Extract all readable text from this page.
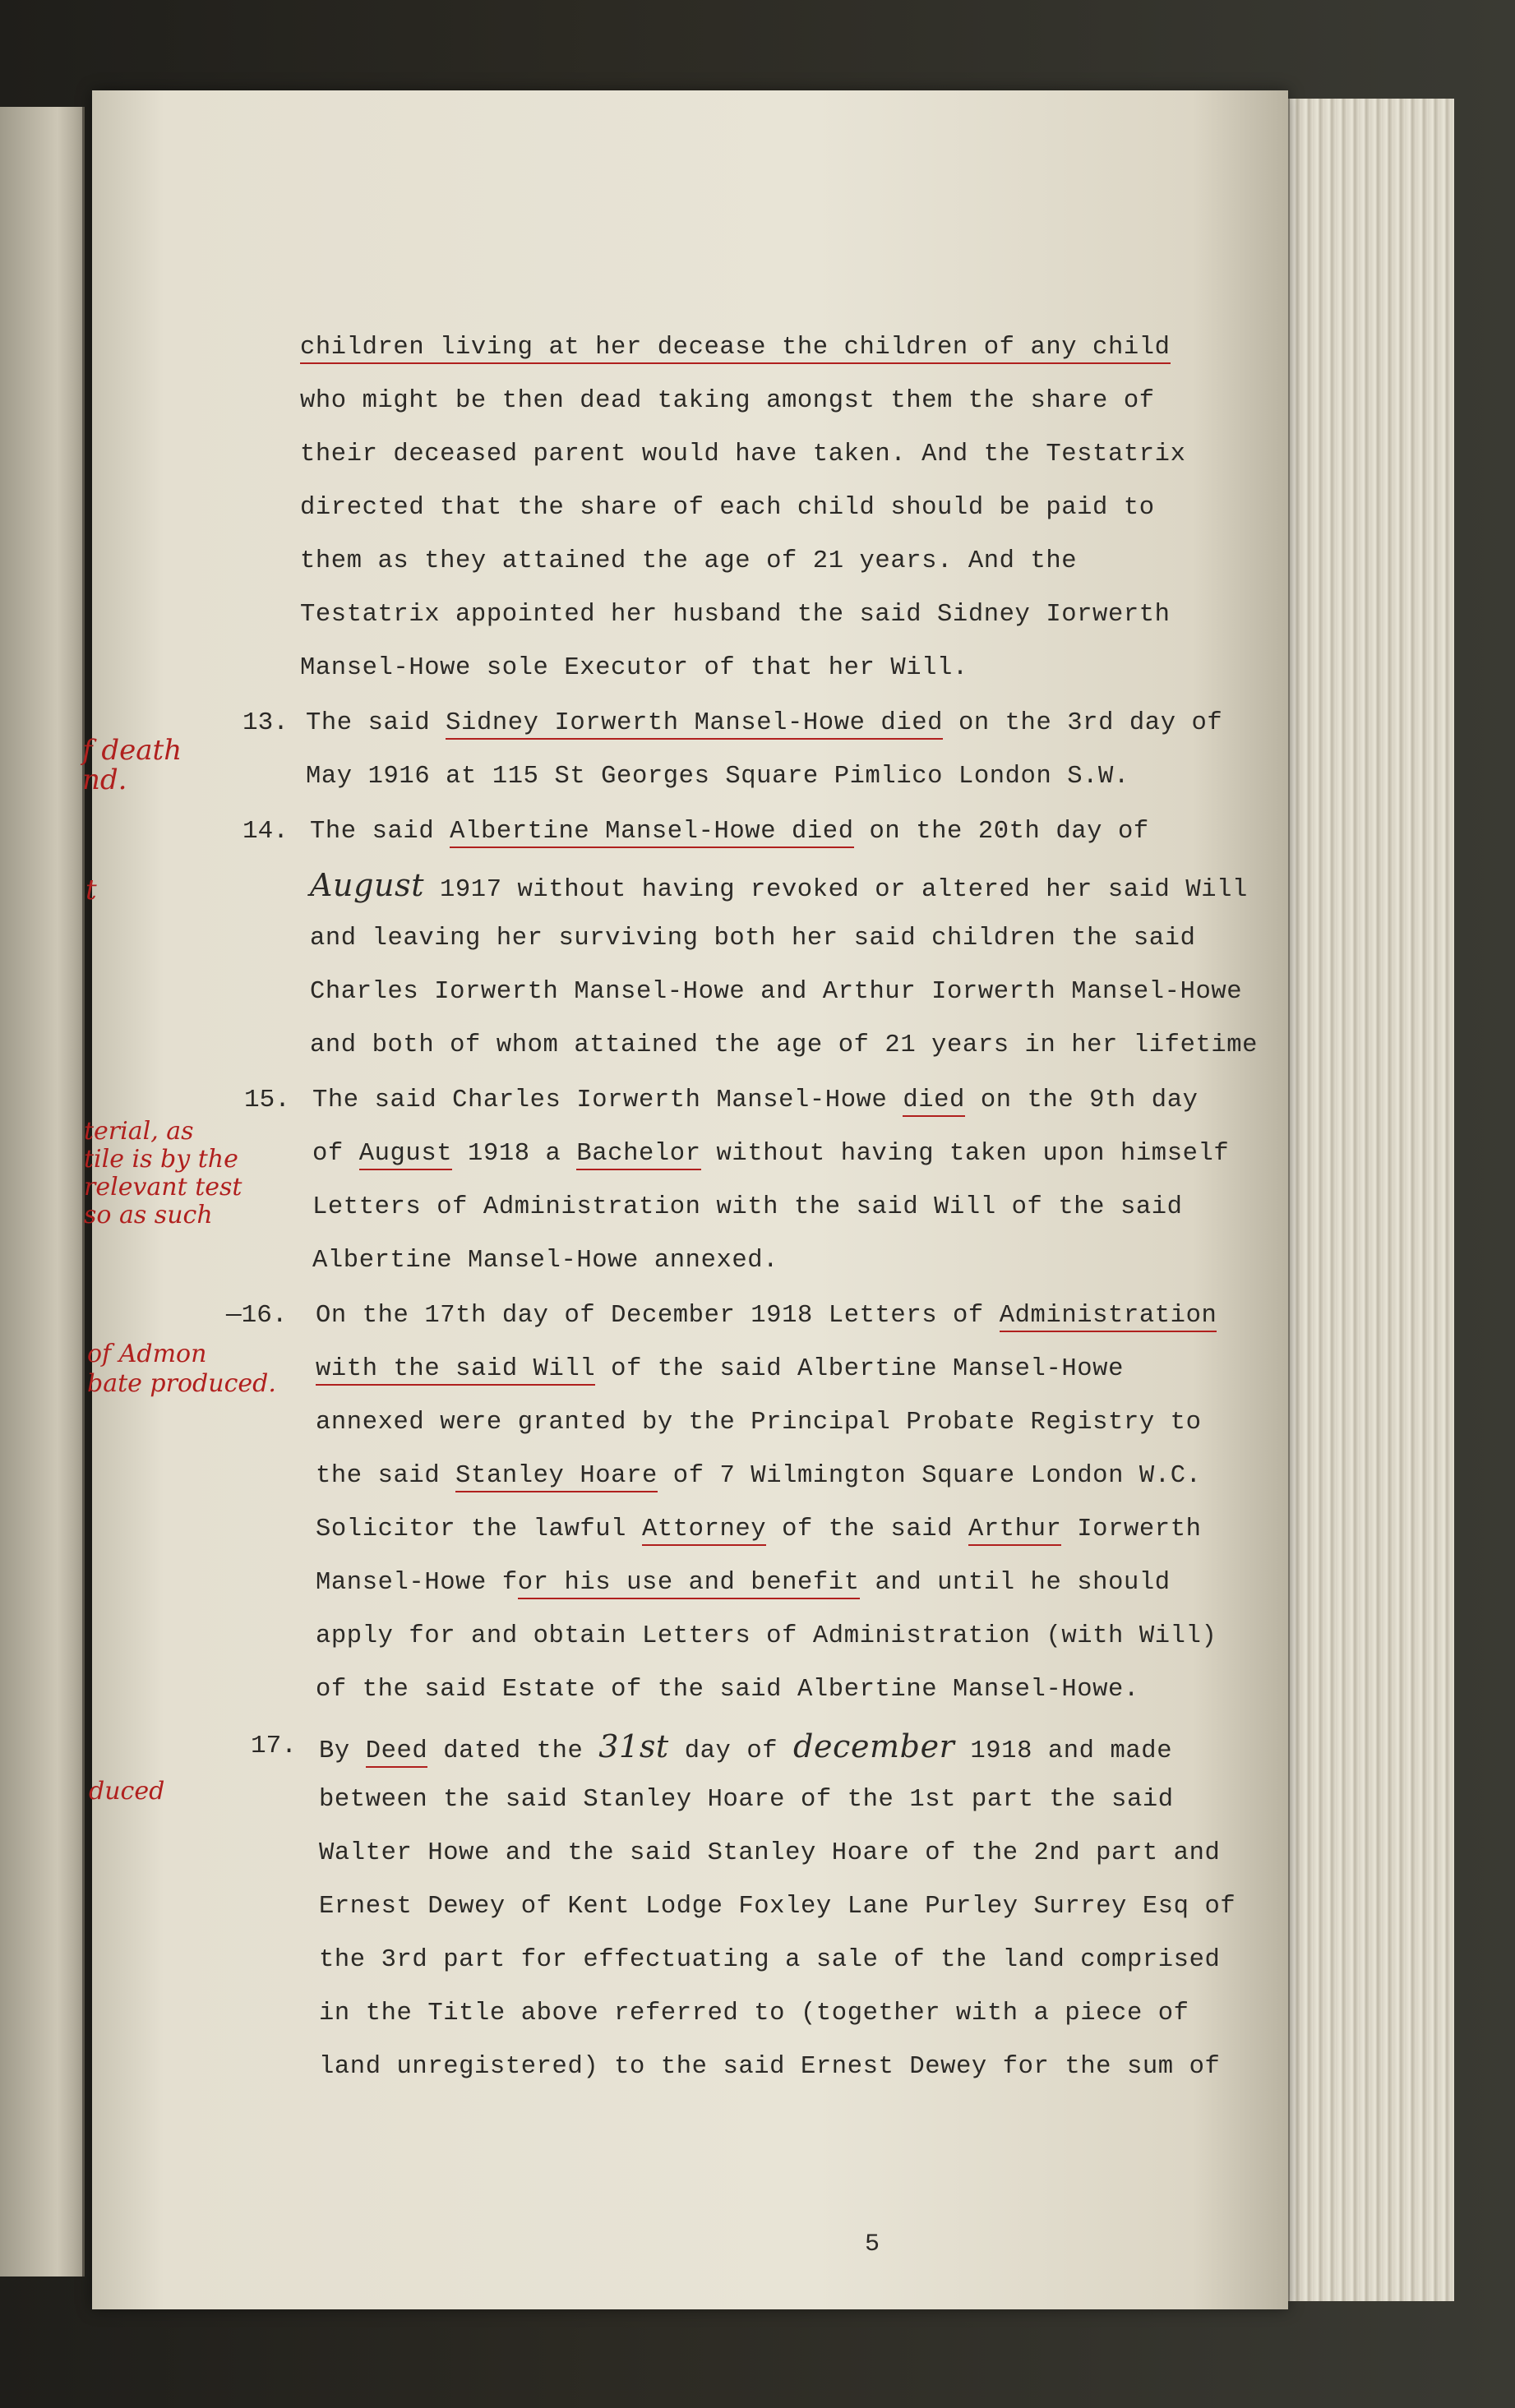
f death
nd.
t
terial, as
tile is by the
relevant test
so as such
of Admon
bate produced.
duced
children living at her decease the children of any child
who might be then dead taking amongst them the share of
their deceased parent would have taken. And the Testatrix
directed that the share of each child should be paid to
them as they attained the age of 21 years. And the
Testatrix appointed her husband the said Sidney Iorwerth
Mansel-Howe sole Executor of that her Will.
13. The said Sidney Iorwerth Mansel-Howe died on the 3rd day of
May 1916 at 115 St Georges Square Pimlico London S.W.
14. The said Albertine Mansel-Howe died on the 20th day of
August 1917 without having revoked or altered her said Will
and leaving her surviving both her said children the said
Charles Iorwerth Mansel-Howe and Arthur Iorwerth Mansel-Howe
and both of whom attained the age of 21 years in her lifetime
15. The said Charles Iorwerth Mansel-Howe died on the 9th day
of August 1918 a Bachelor without having taken upon himself
Letters of Administration with the said Will of the said
Albertine Mansel-Howe annexed.
—16. On the 17th day of December 1918 Letters of Administration
with the said Will of the said Albertine Mansel-Howe
annexed were granted by the Principal Probate Registry to
the said Stanley Hoare of 7 Wilmington Square London W.C.
Solicitor the lawful Attorney of the said Arthur Iorwerth
Mansel-Howe for his use and benefit and until he should
apply for and obtain Letters of Administration (with Will)
of the said Estate of the said Albertine Mansel-Howe.
17. By Deed dated the 31st day of december 1918 and made
between the said Stanley Hoare of the 1st part the said
Walter Howe and the said Stanley Hoare of the 2nd part and
Ernest Dewey of Kent Lodge Foxley Lane Purley Surrey Esq of
the 3rd part for effectuating a sale of the land comprised
in the Title above referred to (together with a piece of
land unregistered) to the said Ernest Dewey for the sum of
5
